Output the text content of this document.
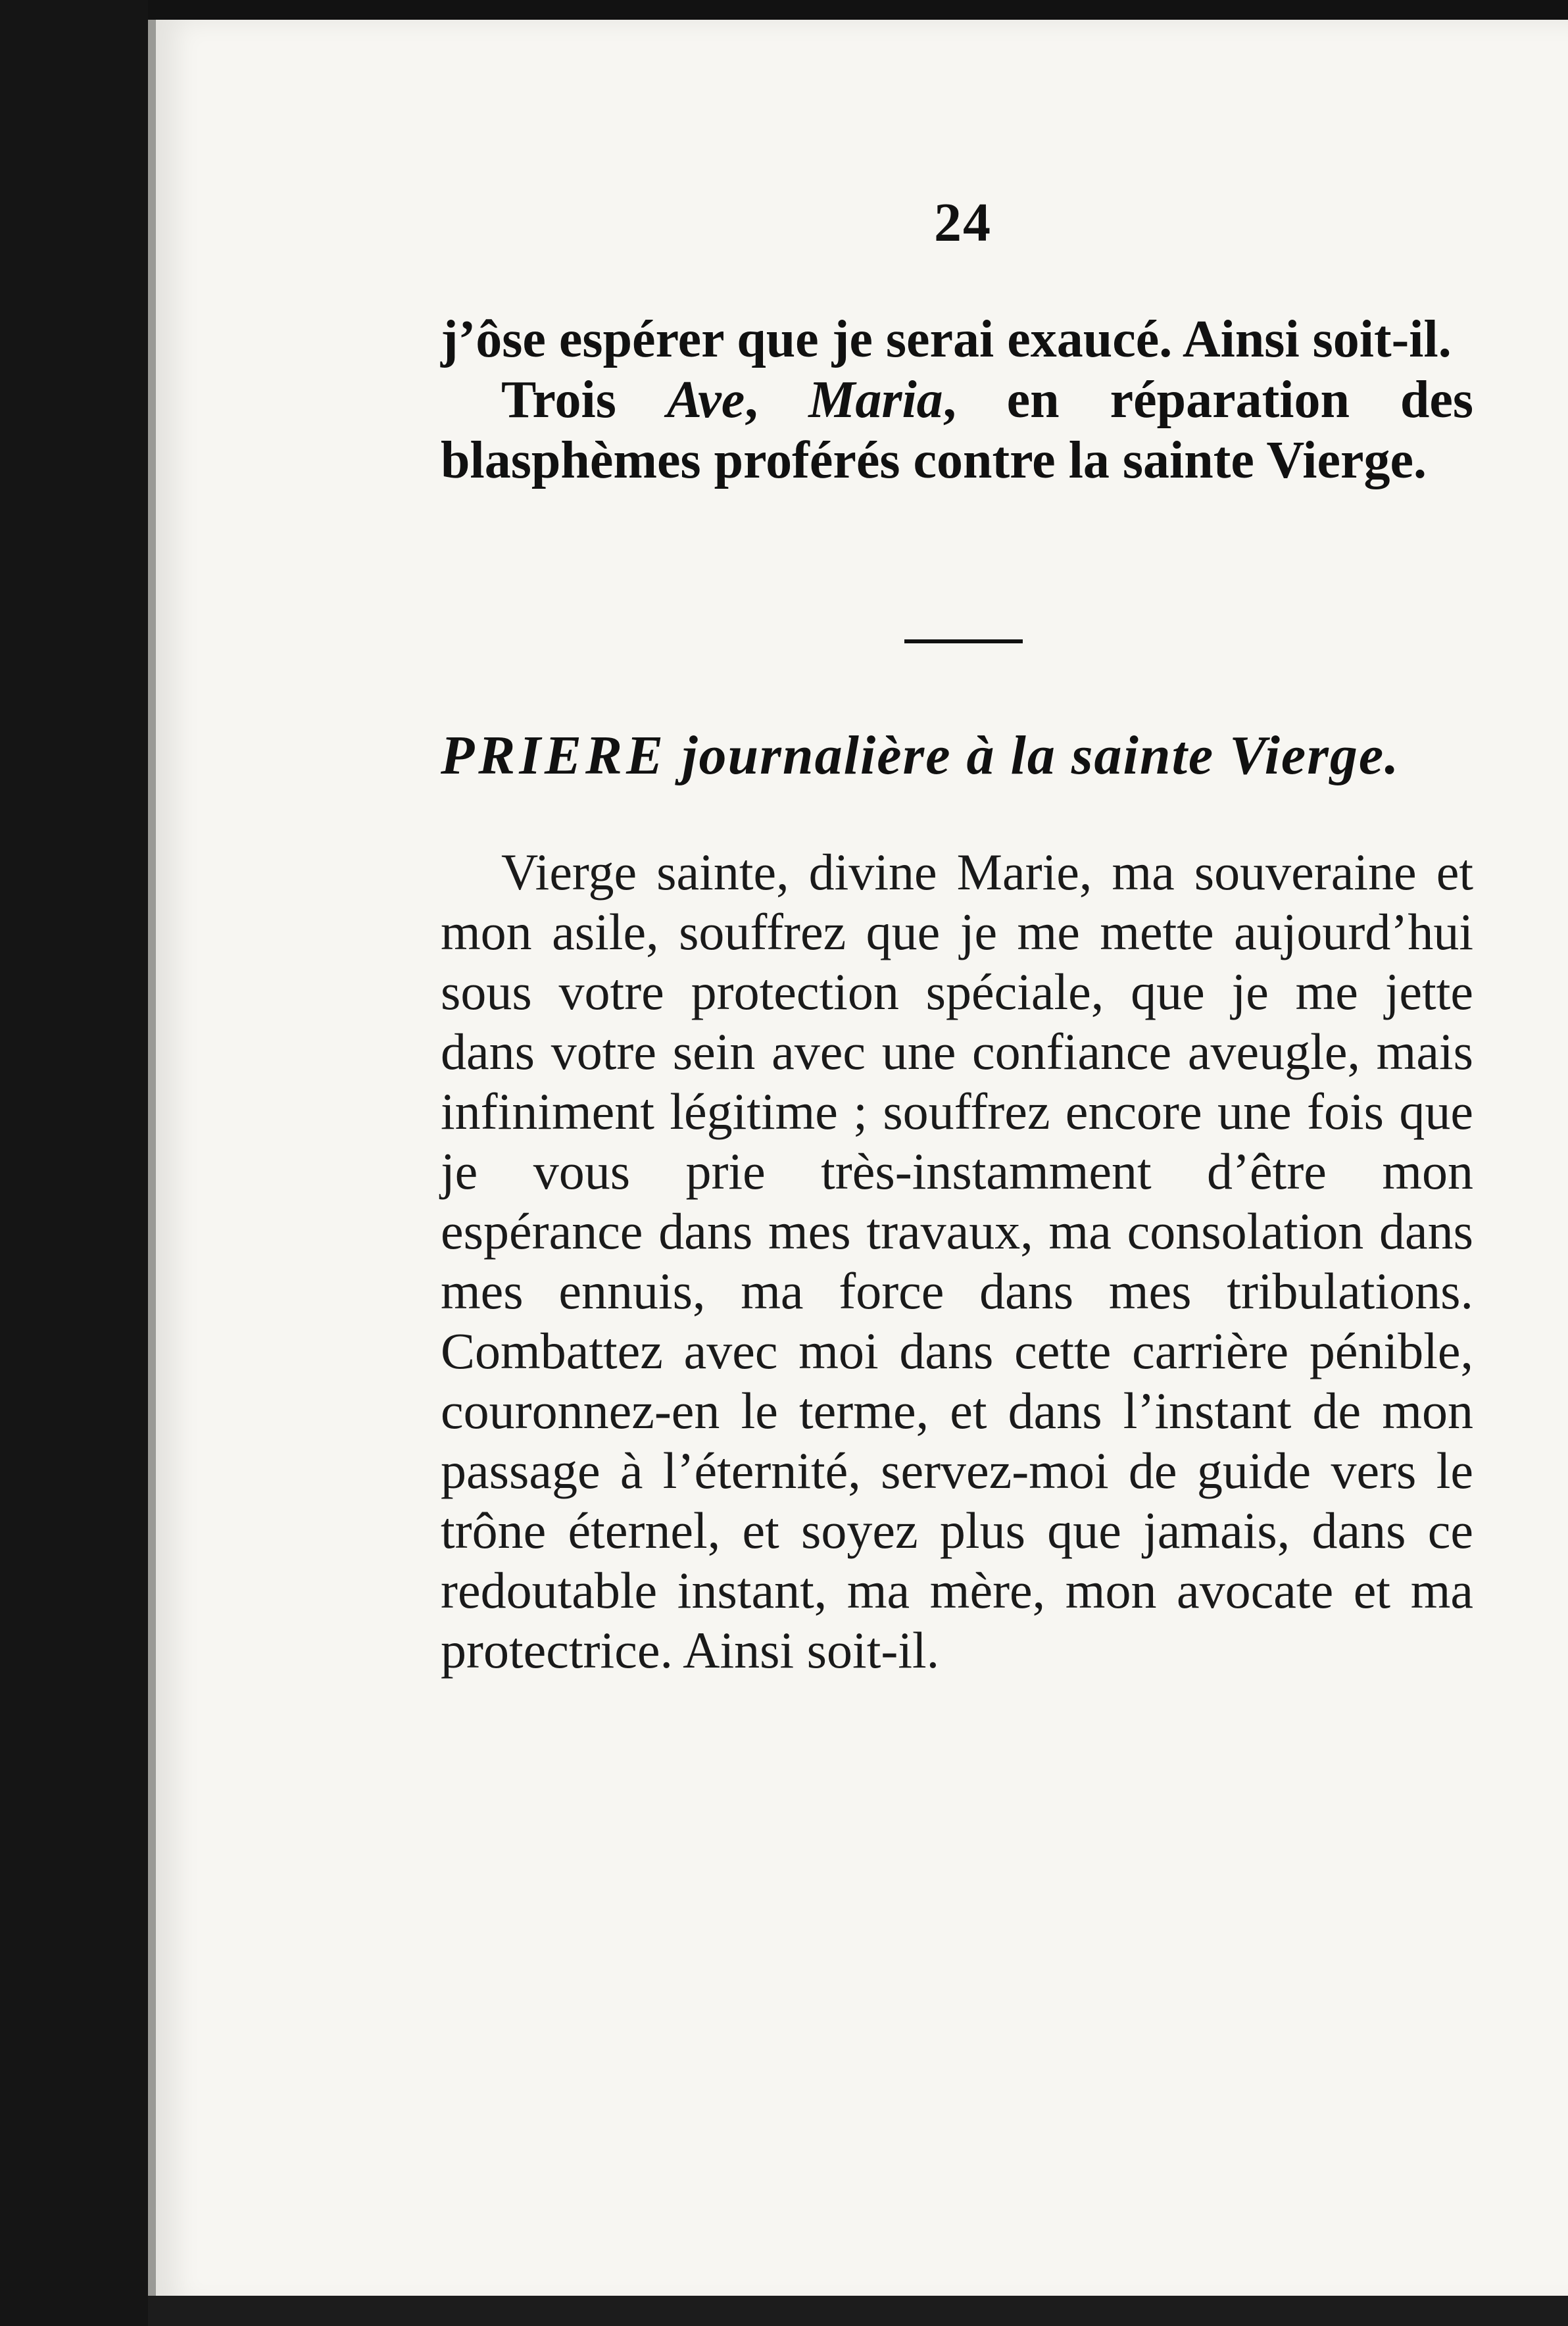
24

j’ôse espérer que je serai exaucé. Ainsi soit-il.

Trois Ave, Maria, en réparation des blasphèmes proférés contre la sainte Vierge.

PRIERE journalière à la sainte Vierge.

Vierge sainte, divine Marie, ma souveraine et mon asile, souffrez que je me mette aujourd’hui sous votre protection spéciale, que je me jette dans votre sein avec une confiance aveugle, mais infiniment légitime ; souffrez encore une fois que je vous prie très-instamment d’être mon espérance dans mes travaux, ma consolation dans mes ennuis, ma force dans mes tribulations. Combattez avec moi dans cette carrière pénible, couronnez-en le terme, et dans l’instant de mon passage à l’éternité, servez-moi de guide vers le trône éternel, et soyez plus que jamais, dans ce redoutable instant, ma mère, mon avocate et ma protectrice. Ainsi soit-il.
